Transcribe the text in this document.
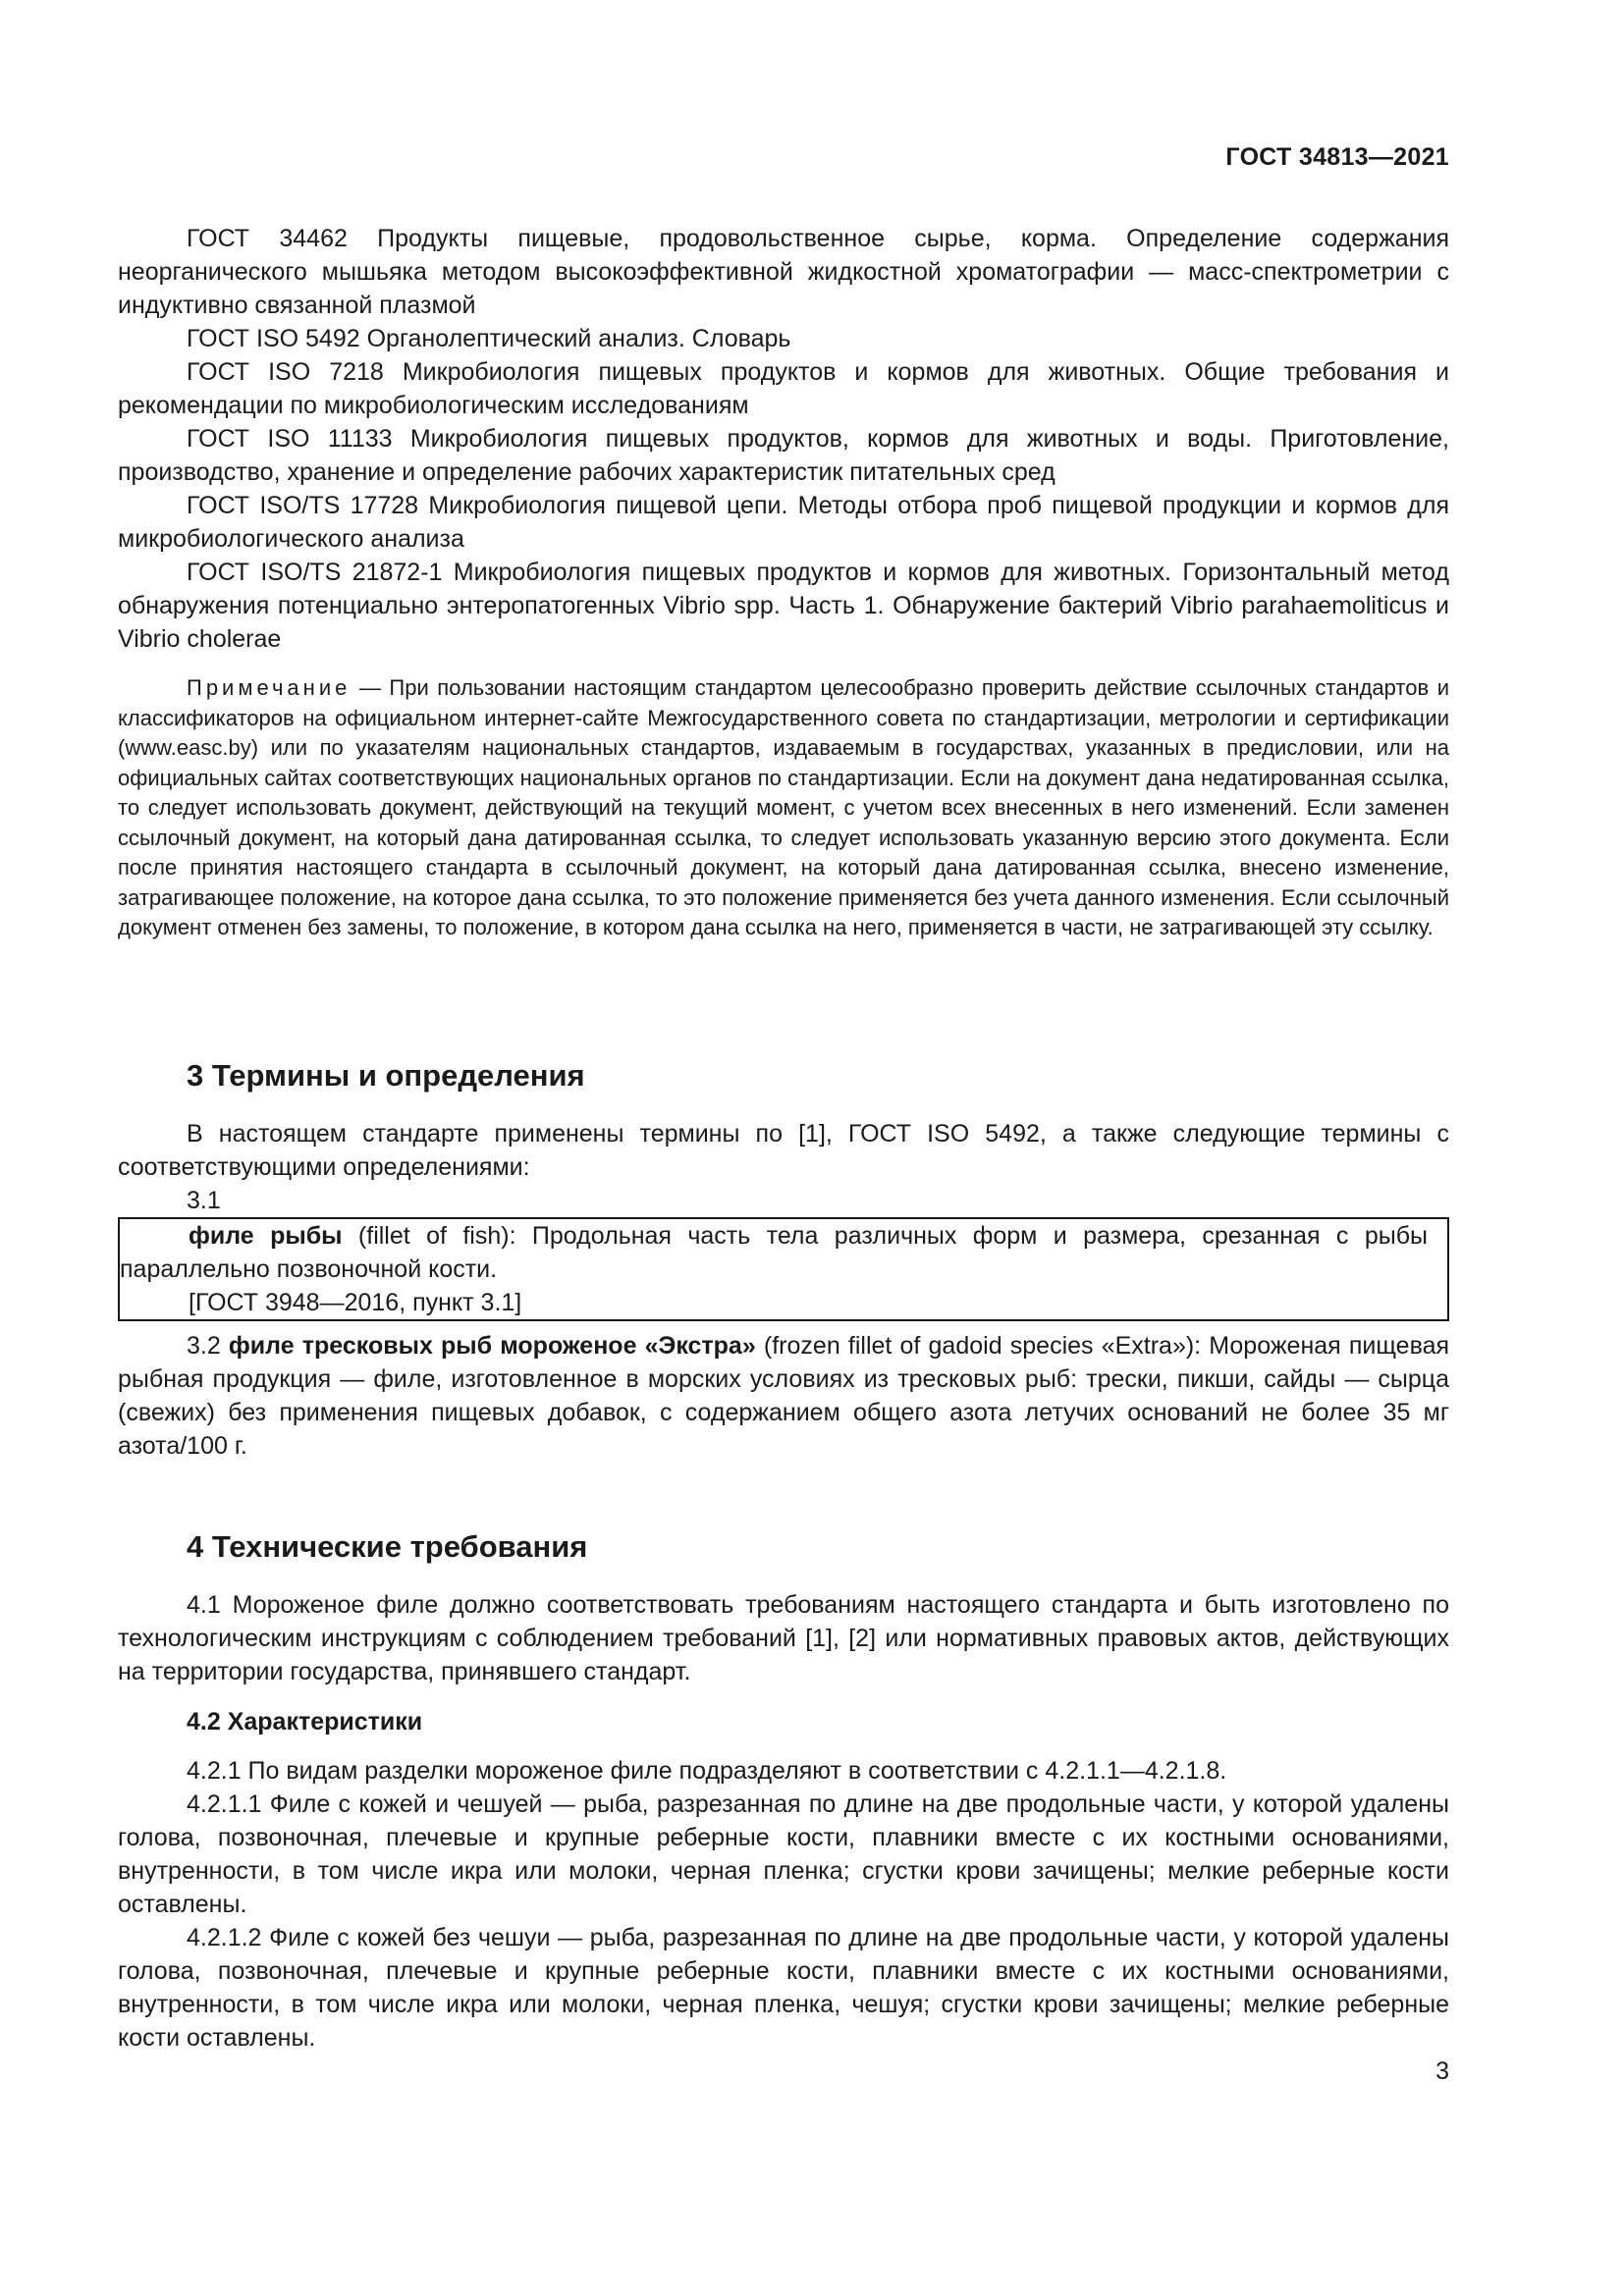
ГОСТ 34813—2021

ГОСТ 34462 Продукты пищевые, продовольственное сырье, корма. Определение содержания неорганического мышьяка методом высокоэффективной жидкостной хроматографии — масс-спектрометрии с индуктивно связанной плазмой

ГОСТ ISO 5492 Органолептический анализ. Словарь

ГОСТ ISO 7218 Микробиология пищевых продуктов и кормов для животных. Общие требования и рекомендации по микробиологическим исследованиям

ГОСТ ISO 11133 Микробиология пищевых продуктов, кормов для животных и воды. Приготовление, производство, хранение и определение рабочих характеристик питательных сред

ГОСТ ISO/TS 17728 Микробиология пищевой цепи. Методы отбора проб пищевой продукции и кормов для микробиологического анализа

ГОСТ ISO/TS 21872-1 Микробиология пищевых продуктов и кормов для животных. Горизонтальный метод обнаружения потенциально энтеропатогенных Vibrio spp. Часть 1. Обнаружение бактерий Vibrio parahaemoliticus и Vibrio cholerae

Примечание — При пользовании настоящим стандартом целесообразно проверить действие ссылочных стандартов и классификаторов на официальном интернет-сайте Межгосударственного совета по стандартизации, метрологии и сертификации (www.easc.by) или по указателям национальных стандартов, издаваемым в государствах, указанных в предисловии, или на официальных сайтах соответствующих национальных органов по стандартизации. Если на документ дана недатированная ссылка, то следует использовать документ, действующий на текущий момент, с учетом всех внесенных в него изменений. Если заменен ссылочный документ, на который дана датированная ссылка, то следует использовать указанную версию этого документа. Если после принятия настоящего стандарта в ссылочный документ, на который дана датированная ссылка, внесено изменение, затрагивающее положение, на которое дана ссылка, то это положение применяется без учета данного изменения. Если ссылочный документ отменен без замены, то положение, в котором дана ссылка на него, применяется в части, не затрагивающей эту ссылку.

3 Термины и определения

В настоящем стандарте применены термины по [1], ГОСТ ISO 5492, а также следующие термины с соответствующими определениями:

3.1

филе рыбы (fillet of fish): Продольная часть тела различных форм и размера, срезанная с рыбы параллельно позвоночной кости.

[ГОСТ 3948—2016, пункт 3.1]

3.2 филе тресковых рыб мороженое «Экстра» (frozen fillet of gadoid species «Extra»): Мороженая пищевая рыбная продукция — филе, изготовленное в морских условиях из тресковых рыб: трески, пикши, сайды — сырца (свежих) без применения пищевых добавок, с содержанием общего азота летучих оснований не более 35 мг азота/100 г.

4 Технические требования

4.1 Мороженое филе должно соответствовать требованиям настоящего стандарта и быть изготовлено по технологическим инструкциям с соблюдением требований [1], [2] или нормативных правовых актов, действующих на территории государства, принявшего стандарт.

4.2 Характеристики

4.2.1 По видам разделки мороженое филе подразделяют в соответствии с 4.2.1.1—4.2.1.8.

4.2.1.1 Филе с кожей и чешуей — рыба, разрезанная по длине на две продольные части, у которой удалены голова, позвоночная, плечевые и крупные реберные кости, плавники вместе с их костными основаниями, внутренности, в том числе икра или молоки, черная пленка; сгустки крови зачищены; мелкие реберные кости оставлены.

4.2.1.2 Филе с кожей без чешуи — рыба, разрезанная по длине на две продольные части, у которой удалены голова, позвоночная, плечевые и крупные реберные кости, плавники вместе с их костными основаниями, внутренности, в том числе икра или молоки, черная пленка, чешуя; сгустки крови зачищены; мелкие реберные кости оставлены.

3
